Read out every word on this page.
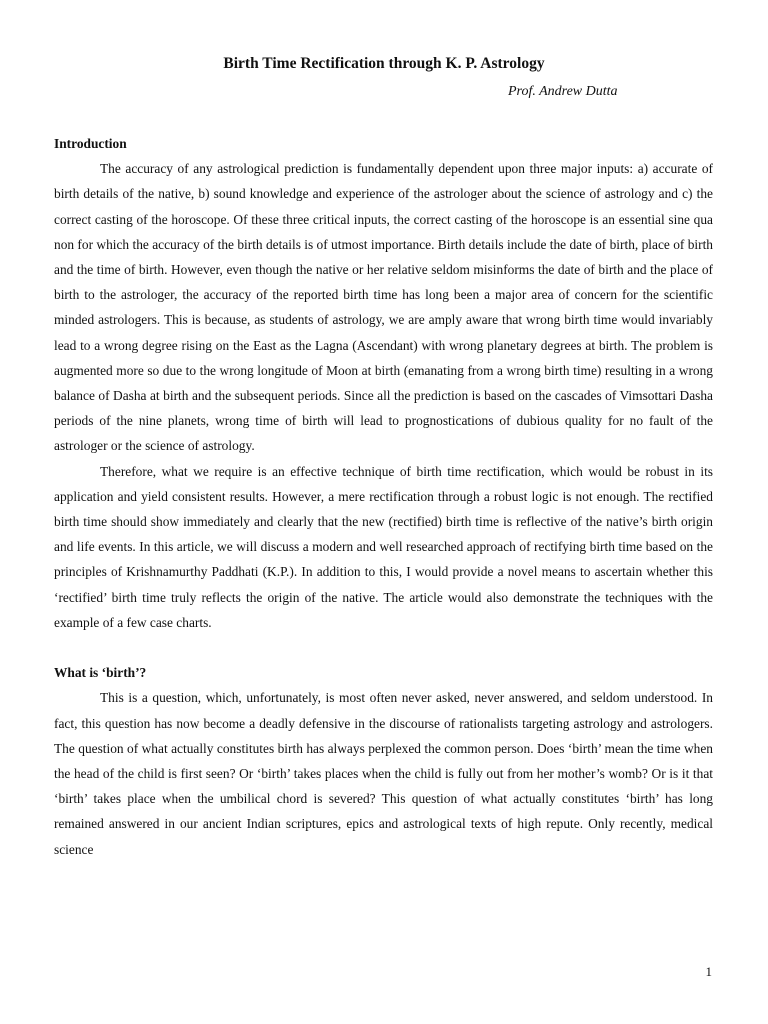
Birth Time Rectification through K. P. Astrology
Prof. Andrew Dutta
Introduction

The accuracy of any astrological prediction is fundamentally dependent upon three major inputs: a) accurate of birth details of the native, b) sound knowledge and experience of the astrologer about the science of astrology and c) the correct casting of the horoscope. Of these three critical inputs, the correct casting of the horoscope is an essential sine qua non for which the accuracy of the birth details is of utmost importance. Birth details include the date of birth, place of birth and the time of birth. However, even though the native or her relative seldom misinforms the date of birth and the place of birth to the astrologer, the accuracy of the reported birth time has long been a major area of concern for the scientific minded astrologers. This is because, as students of astrology, we are amply aware that wrong birth time would invariably lead to a wrong degree rising on the East as the Lagna (Ascendant) with wrong planetary degrees at birth. The problem is augmented more so due to the wrong longitude of Moon at birth (emanating from a wrong birth time) resulting in a wrong balance of Dasha at birth and the subsequent periods. Since all the prediction is based on the cascades of Vimsottari Dasha periods of the nine planets, wrong time of birth will lead to prognostications of dubious quality for no fault of the astrologer or the science of astrology.

Therefore, what we require is an effective technique of birth time rectification, which would be robust in its application and yield consistent results. However, a mere rectification through a robust logic is not enough. The rectified birth time should show immediately and clearly that the new (rectified) birth time is reflective of the native’s birth origin and life events. In this article, we will discuss a modern and well researched approach of rectifying birth time based on the principles of Krishnamurthy Paddhati (K.P.). In addition to this, I would provide a novel means to ascertain whether this ‘rectified’ birth time truly reflects the origin of the native. The article would also demonstrate the techniques with the example of a few case charts.

What is ‘birth’?

This is a question, which, unfortunately, is most often never asked, never answered, and seldom understood. In fact, this question has now become a deadly defensive in the discourse of rationalists targeting astrology and astrologers. The question of what actually constitutes birth has always perplexed the common person. Does ‘birth’ mean the time when the head of the child is first seen? Or ‘birth’ takes places when the child is fully out from her mother’s womb? Or is it that ‘birth’ takes place when the umbilical chord is severed? This question of what actually constitutes ‘birth’ has long remained answered in our ancient Indian scriptures, epics and astrological texts of high repute. Only recently, medical science

1
